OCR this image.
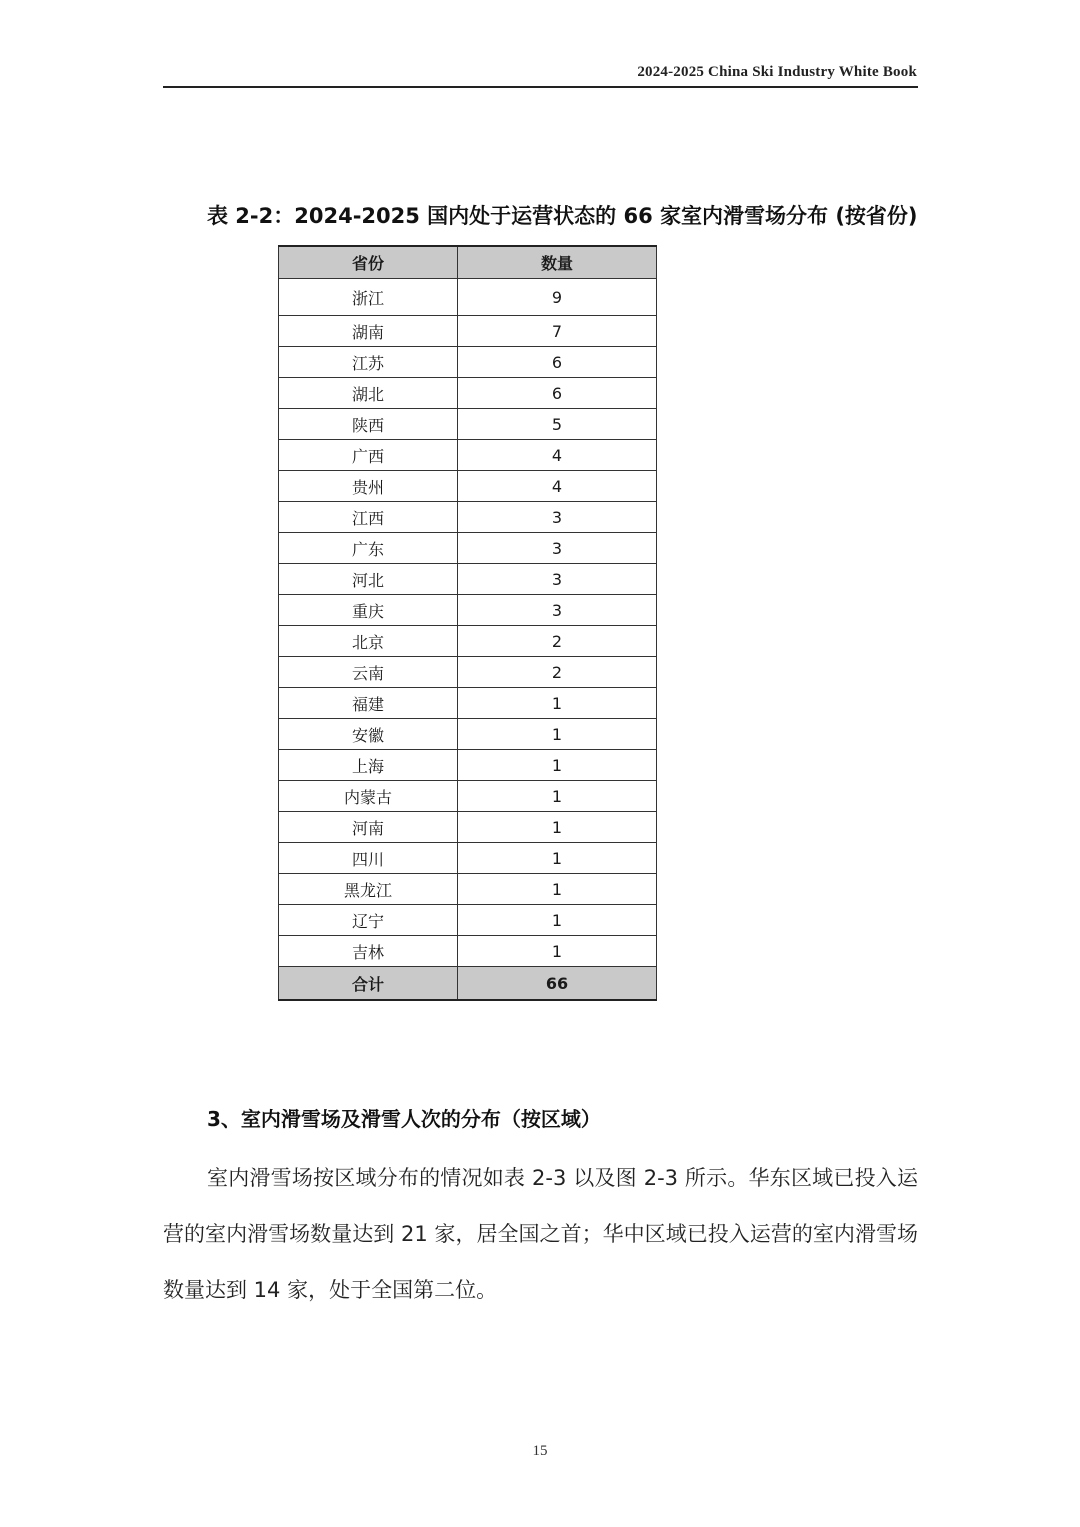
2024-2025 China Ski Industry White Book
表 2-2：2024-2025 国内处于运营状态的 66 家室内滑雪场分布 (按省份)
省份	数量
浙江	9
湖南	7
江苏	6
湖北	6
陕西	5
广西	4
贵州	4
江西	3
广东	3
河北	3
重庆	3
北京	2
云南	2
福建	1
安徽	1
上海	1
内蒙古	1
河南	1
四川	1
黑龙江	1
辽宁	1
吉林	1
合计	66
3、室内滑雪场及滑雪人次的分布（按区域）

室内滑雪场按区域分布的情况如表 2-3 以及图 2-3 所示。华东区域已投入运营的室内滑雪场数量达到 21 家，居全国之首；华中区域已投入运营的室内滑雪场数量达到 14 家，处于全国第二位。

15
